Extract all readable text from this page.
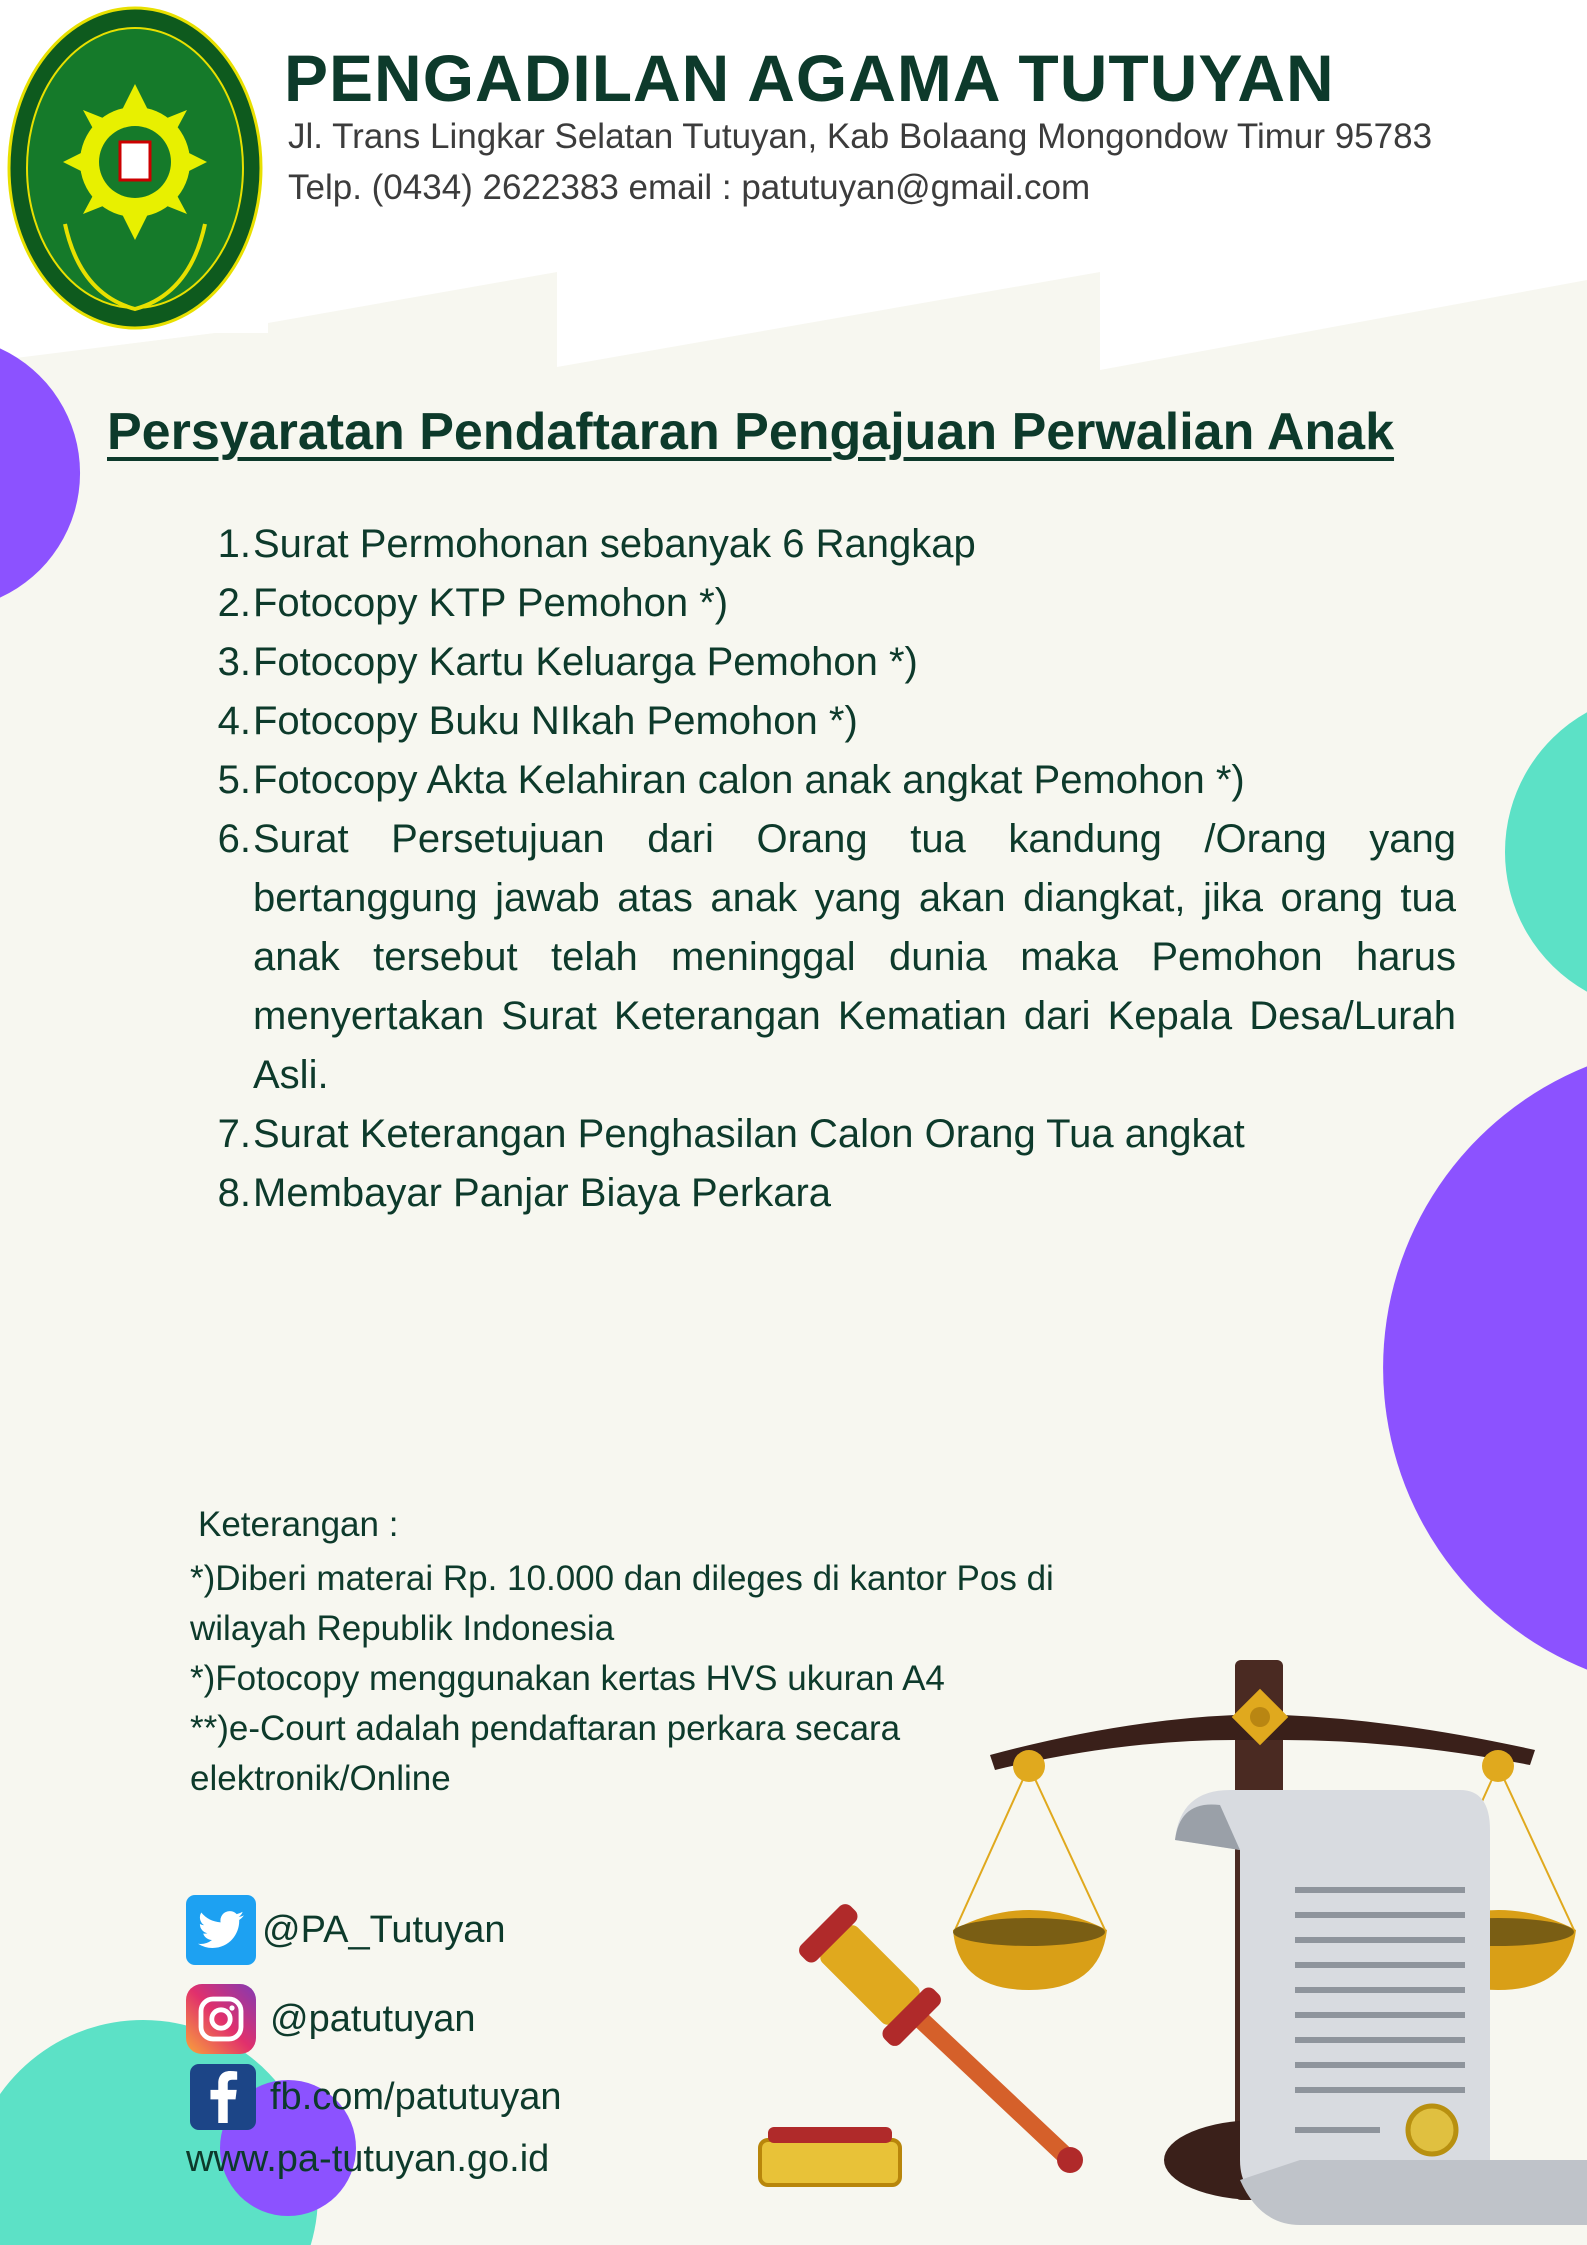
PENGADILAN AGAMA TUTUYAN
Jl. Trans Lingkar Selatan Tutuyan, Kab Bolaang Mongondow Timur 95783
Telp. (0434) 2622383 email : patutuyan@gmail.com
Persyaratan Pendaftaran Pengajuan Perwalian Anak
1. Surat Permohonan sebanyak 6 Rangkap
2. Fotocopy KTP Pemohon *)
3. Fotocopy Kartu Keluarga Pemohon *)
4. Fotocopy Buku NIkah Pemohon *)
5. Fotocopy Akta Kelahiran calon anak angkat Pemohon *)
6. Surat Persetujuan dari Orang tua kandung /Orang yang bertanggung jawab atas anak yang akan diangkat, jika orang tua anak tersebut telah meninggal dunia maka Pemohon harus menyertakan Surat Keterangan Kematian dari Kepala Desa/Lurah Asli.
7. Surat Keterangan Penghasilan Calon Orang Tua angkat
8. Membayar Panjar Biaya Perkara
Keterangan :
*)Diberi materai Rp. 10.000 dan dileges di kantor Pos di
wilayah Republik Indonesia
*)Fotocopy menggunakan kertas HVS ukuran A4
**)e-Court adalah pendaftaran perkara secara
elektronik/Online
@PA_Tutuyan
@patutuyan
fb.com/patutuyan
www.pa-tutuyan.go.id
